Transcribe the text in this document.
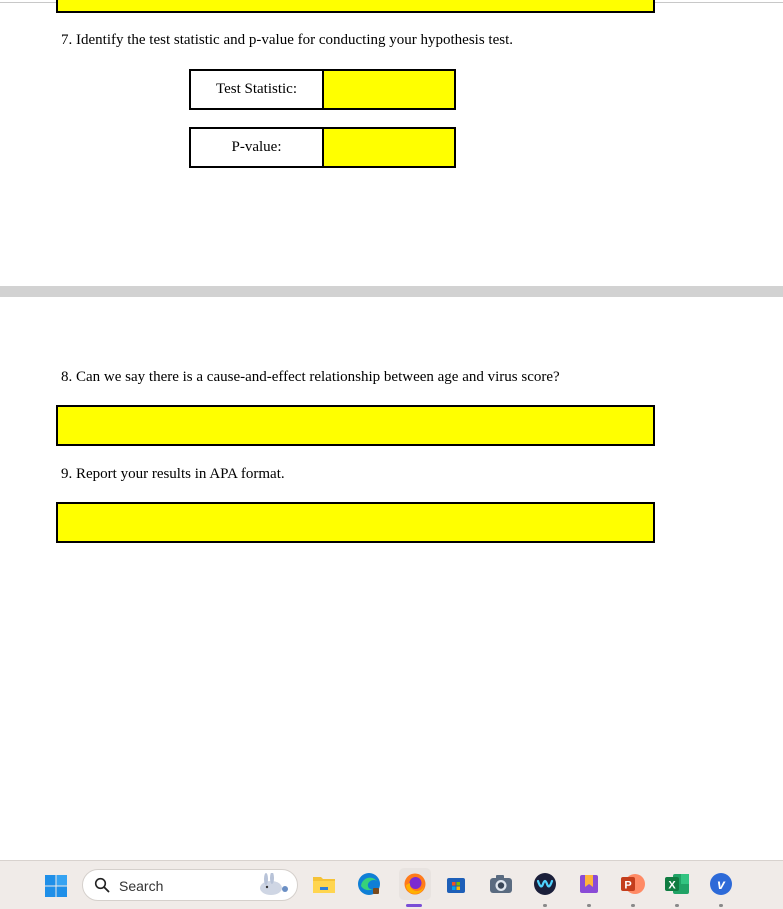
7. Identify the test statistic and p-value for conducting your hypothesis test.
Test Statistic:
P-value:
8. Can we say there is a cause-and-effect relationship between age and virus score?
9. Report your results in APA format.
Search	P	X	v
